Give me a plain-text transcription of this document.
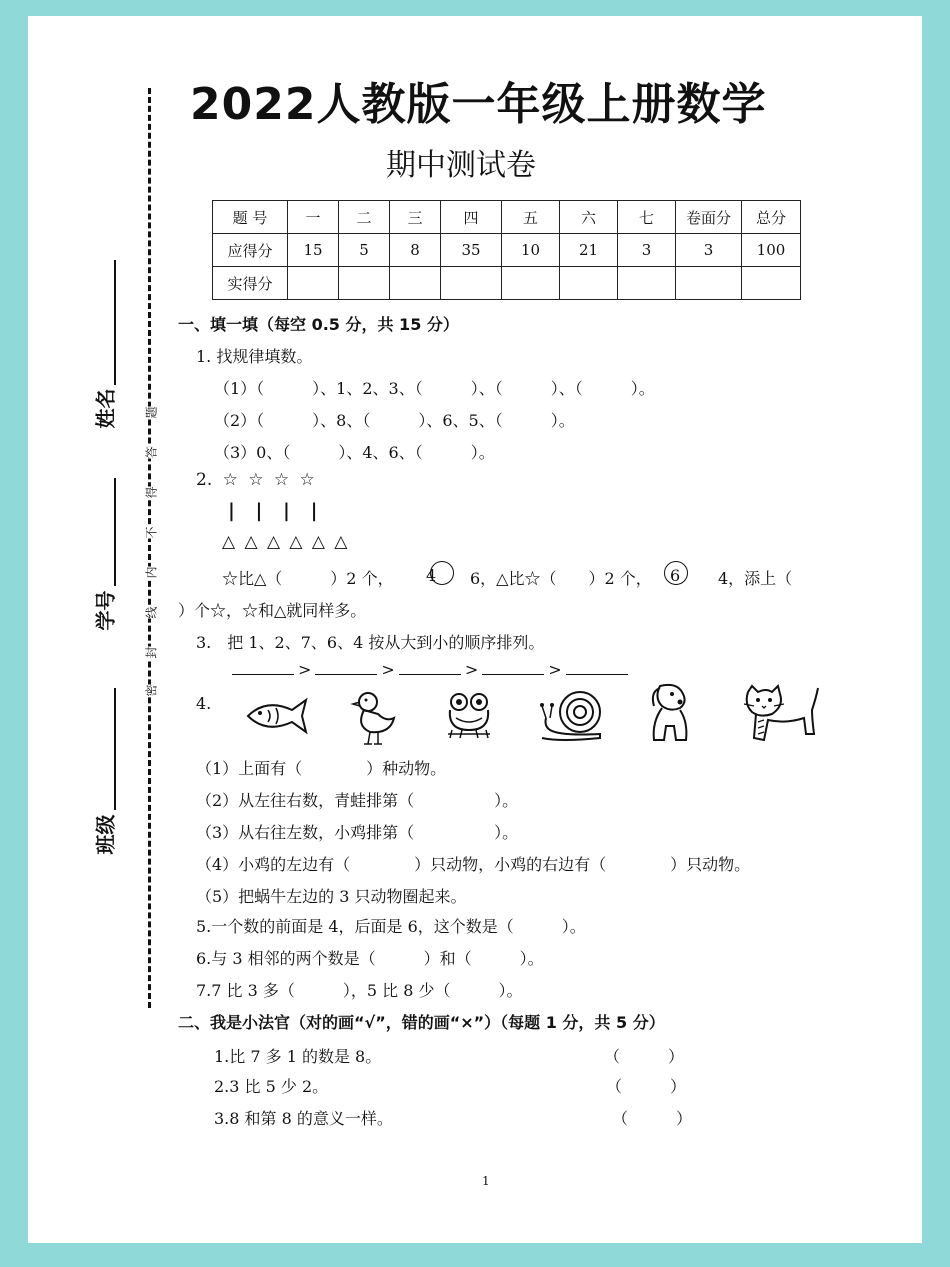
2022人教版一年级上册数学
期中测试卷
姓名
学号
班级
题
答
得
不
内
线
封
密
题 号	一	二	三	四	五	六	七	卷面分	总分
应得分	15	5	8	35	10	21	3	3	100
实得分									
一、填一填（每空 0.5 分，共 15 分）
1. 找规律填数。
（1）（　　　）、1、2、3、（　　　）、（　　　）、（　　　）。
（2）（　　　）、8、（　　　）、6、5、（　　　）。
（3）0、（　　　）、4、6、（　　　）。
2. ☆ ☆ ☆ ☆
| | | |
△ △ △ △ △ △
☆比△（　　　）2 个， 4 6，△比☆（　　）2 个， 6 4，添上（
）个☆，☆和△就同样多。
3.　把 1、2、7、6、4 按从大到小的顺序排列。
>	>	>	>
4.
（1）上面有（　　　　）种动物。
（2）从左往右数，青蛙排第（　　　　　）。
（3）从右往左数，小鸡排第（　　　　　）。
（4）小鸡的左边有（　　　　）只动物，小鸡的右边有（　　　　）只动物。
（5）把蜗牛左边的 3 只动物圈起来。
5.一个数的前面是 4，后面是 6，这个数是（　　　）。
6.与 3 相邻的两个数是（　　　）和（　　　）。
7.7 比 3 多（　　　），5 比 8 少（　　　）。
二、我是小法官（对的画“√”，错的画“×”）（每题 1 分，共 5 分）
1.比 7 多 1 的数是 8。	（　　　）
2.3 比 5 少 2。	（　　　）
3.8 和第 8 的意义一样。	（　　　）
1
